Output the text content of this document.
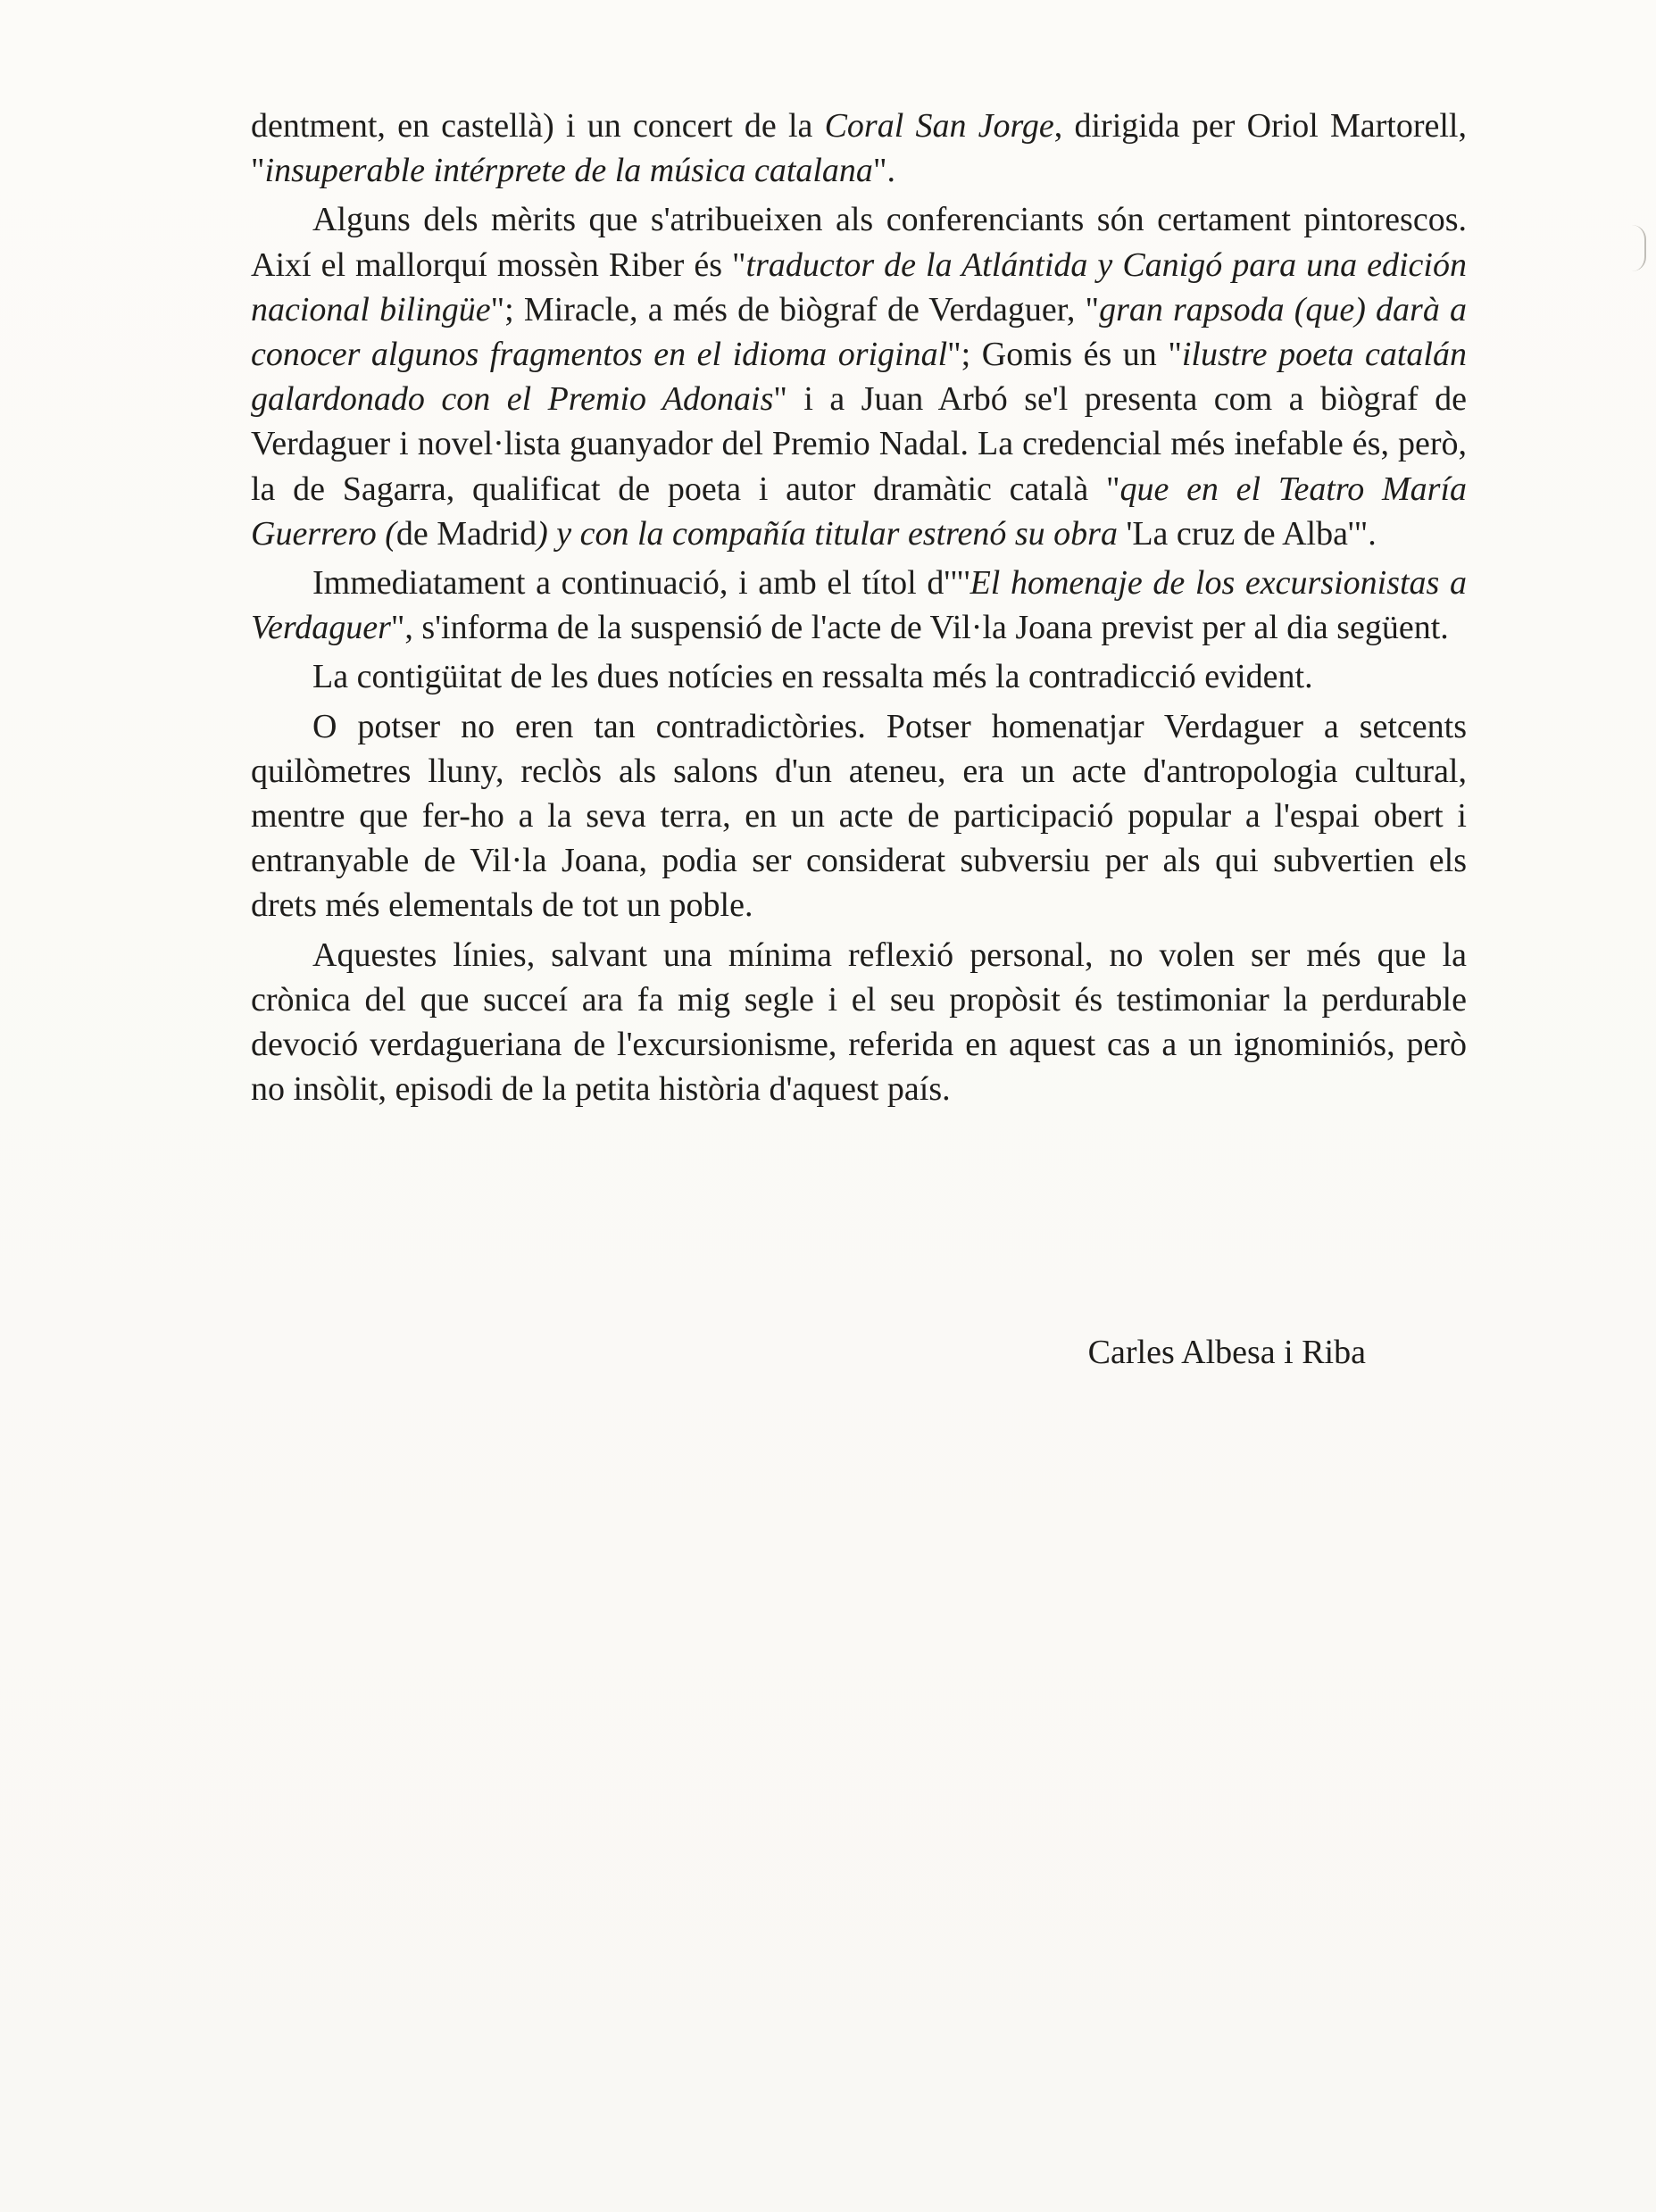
dentment, en castellà) i un concert de la Coral San Jorge, dirigida per Oriol Martorell, "insuperable intérprete de la música catalana".

Alguns dels mèrits que s'atribueixen als conferenciants són certament pintorescos. Així el mallorquí mossèn Riber és "traductor de la Atlántida y Canigó para una edición nacional bilingüe"; Miracle, a més de biògraf de Verdaguer, "gran rapsoda (que) darà a conocer algunos fragmentos en el idioma original"; Gomis és un "ilustre poeta catalán galardonado con el Premio Adonais" i a Juan Arbó se'l presenta com a biògraf de Verdaguer i novel·lista guanyador del Premio Nadal. La credencial més inefable és, però, la de Sagarra, qualificat de poeta i autor dramàtic català "que en el Teatro María Guerrero (de Madrid) y con la compañía titular estrenó su obra 'La cruz de Alba'".

Immediatament a continuació, i amb el títol d'"'El homenaje de los excursionistas a Verdaguer", s'informa de la suspensió de l'acte de Vil·la Joana previst per al dia següent.

La contigüitat de les dues notícies en ressalta més la contradicció evident.

O potser no eren tan contradictòries. Potser homenatjar Verdaguer a setcents quilòmetres lluny, reclòs als salons d'un ateneu, era un acte d'antropologia cultural, mentre que fer-ho a la seva terra, en un acte de participació popular a l'espai obert i entranyable de Vil·la Joana, podia ser considerat subversiu per als qui subvertien els drets més elementals de tot un poble.

Aquestes línies, salvant una mínima reflexió personal, no volen ser més que la crònica del que succeí ara fa mig segle i el seu propòsit és testimoniar la perdurable devoció verdagueriana de l'excursionisme, referida en aquest cas a un ignominiós, però no insòlit, episodi de la petita història d'aquest país.

Carles Albesa i Riba
